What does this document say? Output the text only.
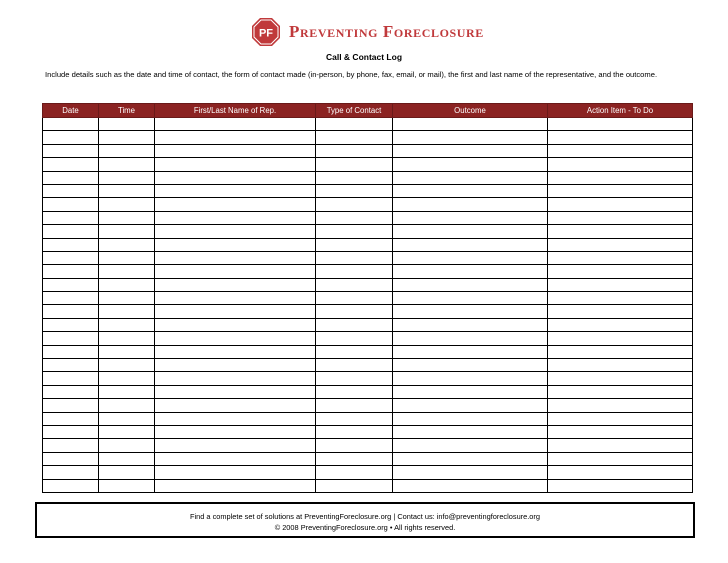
PF Preventing Foreclosure
Call & Contact Log
Include details such as the date and time of contact, the form of contact made (in-person, by phone, fax, email, or mail), the first and last name of the representative, and the outcome.
Date	Time	First/Last Name of Rep.	Type of Contact	Outcome	Action Item - To Do

Find a complete set of solutions at PreventingForeclosure.org | Contact us: info@preventingforeclosure.org
© 2008 PreventingForeclosure.org • All rights reserved.
